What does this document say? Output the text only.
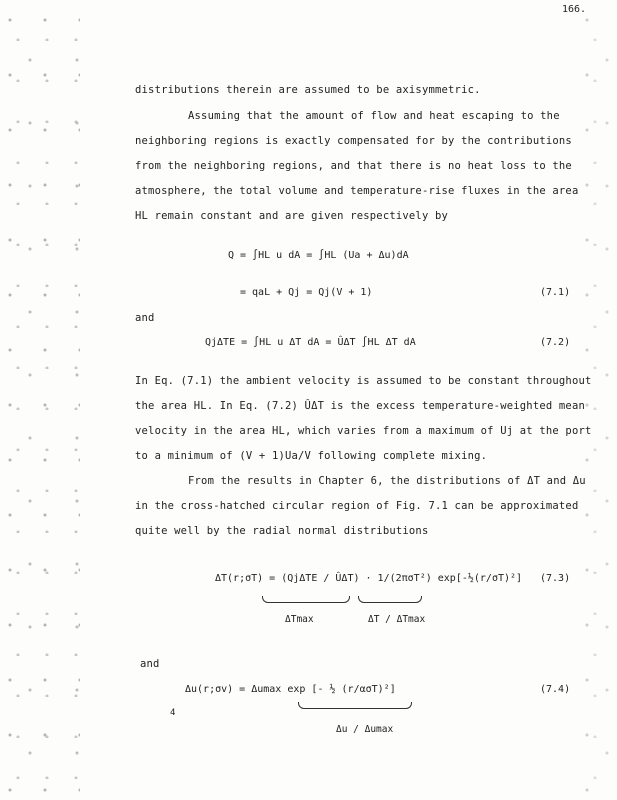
166.
distributions therein are assumed to be axisymmetric.
Assuming that the amount of flow and heat escaping to the
neighboring regions is exactly compensated for by the contributions
from the neighboring regions, and that there is no heat loss to the
atmosphere, the total volume and temperature-rise fluxes in the area
HL remain constant and are given respectively by
Q = ∫HL u dA = ∫HL (Ua + Δu)dA
= qaL + Qj = Qj(V + 1)	(7.1)
and
QjΔTE = ∫HL u ΔT dA = ÛΔT ∫HL ΔT dA	(7.2)
In Eq. (7.1) the ambient velocity is assumed to be constant throughout
the area HL. In Eq. (7.2) ÛΔT is the excess temperature-weighted mean
velocity in the area HL, which varies from a maximum of Uj at the port
to a minimum of (V + 1)Ua/V following complete mixing.
From the results in Chapter 6, the distributions of ΔT and Δu
in the cross-hatched circular region of Fig. 7.1 can be approximated
quite well by the radial normal distributions
ΔT(r;σT) = (QjΔTE / ÛΔT) · 1/(2πσT²) exp[-½(r/σT)²] (7.3)
ΔTmax	ΔT / ΔTmax
and
Δu(r;σv) = Δumax exp [- ½ (r/ασT)²]	(7.4)
Δu / Δumax
4
